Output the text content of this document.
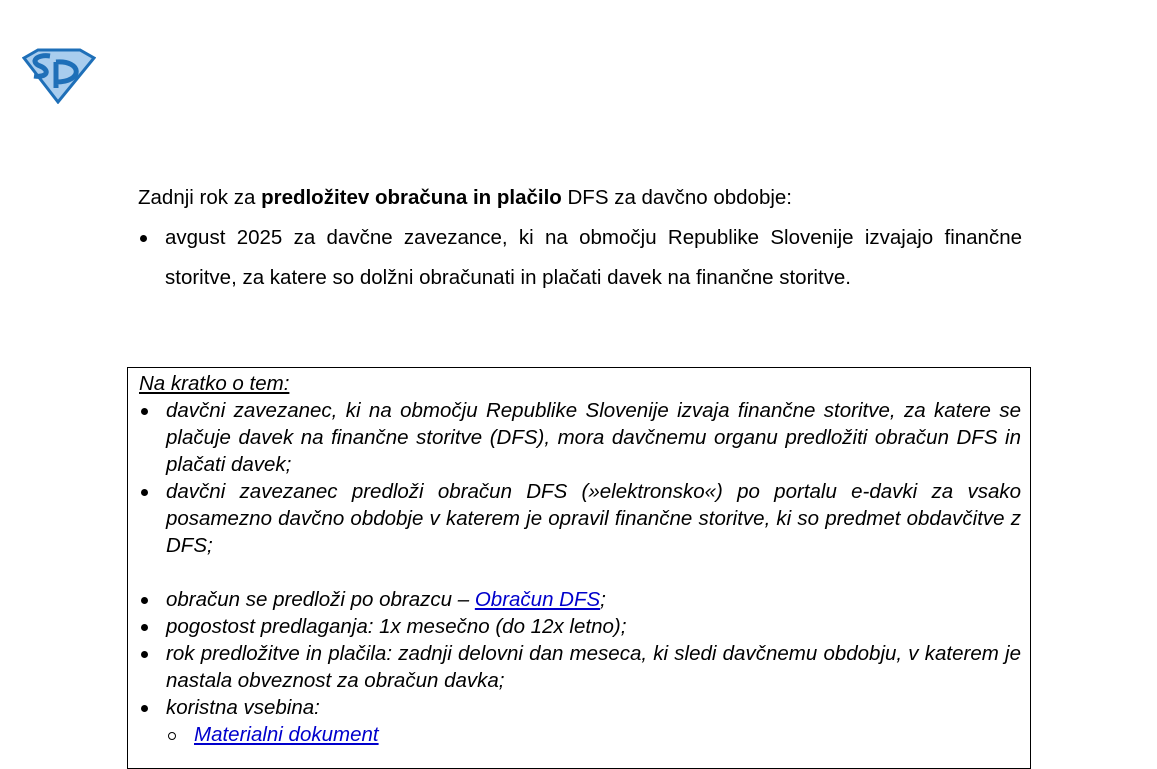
Zadnji rok za predložitev obračuna in plačilo DFS za davčno obdobje:

avgust 2025 za davčne zavezance, ki na območju Republike Slovenije izvajajo finančne storitve, za katere so dolžni obračunati in plačati davek na finančne storitve.
Na kratko o tem:
davčni zavezanec, ki na območju Republike Slovenije izvaja finančne storitve, za katere se plačuje davek na finančne storitve (DFS), mora davčnemu organu predložiti obračun DFS in plačati davek;
davčni zavezanec predloži obračun DFS (»elektronsko«) po portalu e-davki za vsako posamezno davčno obdobje v katerem je opravil finančne storitve, ki so predmet obdavčitve z DFS;
obračun se predloži po obrazcu – Obračun DFS;
pogostost predlaganja: 1x mesečno (do 12x letno);
rok predložitve in plačila: zadnji delovni dan meseca, ki sledi davčnemu obdobju, v katerem je nastala obveznost za obračun davka;
koristna vsebina:
Materialni dokument
